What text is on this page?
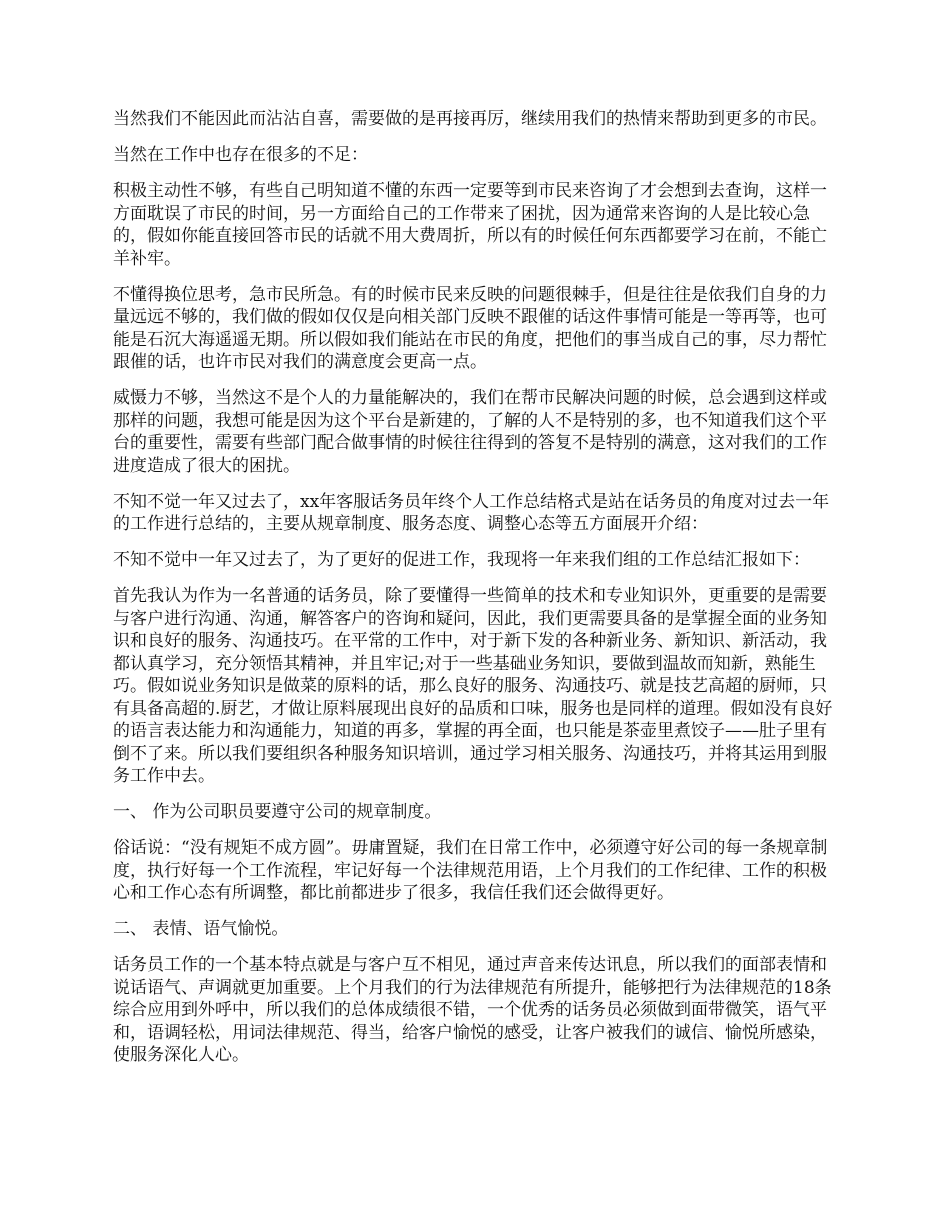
当然我们不能因此而沾沾自喜，需要做的是再接再厉，继续用我们的热情来帮助到更多的市民。

当然在工作中也存在很多的不足：

积极主动性不够，有些自己明知道不懂的东西一定要等到市民来咨询了才会想到去查询，这样一方面耽误了市民的时间，另一方面给自己的工作带来了困扰，因为通常来咨询的人是比较心急的，假如你能直接回答市民的话就不用大费周折，所以有的时候任何东西都要学习在前，不能亡羊补牢。

不懂得换位思考，急市民所急。有的时候市民来反映的问题很棘手，但是往往是依我们自身的力量远远不够的，我们做的假如仅仅是向相关部门反映不跟催的话这件事情可能是一等再等，也可能是石沉大海遥遥无期。所以假如我们能站在市民的角度，把他们的事当成自己的事，尽力帮忙跟催的话，也许市民对我们的满意度会更高一点。

威慑力不够，当然这不是个人的力量能解决的，我们在帮市民解决问题的时候，总会遇到这样或那样的问题，我想可能是因为这个平台是新建的，了解的人不是特别的多，也不知道我们这个平台的重要性，需要有些部门配合做事情的时候往往得到的答复不是特别的满意，这对我们的工作进度造成了很大的困扰。

不知不觉一年又过去了，xx年客服话务员年终个人工作总结格式是站在话务员的角度对过去一年的工作进行总结的，主要从规章制度、服务态度、调整心态等五方面展开介绍：

不知不觉中一年又过去了，为了更好的促进工作，我现将一年来我们组的工作总结汇报如下：

首先我认为作为一名普通的话务员，除了要懂得一些简单的技术和专业知识外，更重要的是需要与客户进行沟通、沟通，解答客户的咨询和疑问，因此，我们更需要具备的是掌握全面的业务知识和良好的服务、沟通技巧。在平常的工作中，对于新下发的各种新业务、新知识、新活动，我都认真学习，充分领悟其精神，并且牢记;对于一些基础业务知识，要做到温故而知新，熟能生巧。假如说业务知识是做菜的原料的话，那么良好的服务、沟通技巧、就是技艺高超的厨师，只有具备高超的.厨艺，才做让原料展现出良好的品质和口味，服务也是同样的道理。假如没有良好的语言表达能力和沟通能力，知道的再多，掌握的再全面，也只能是茶壶里煮饺子——肚子里有倒不了来。所以我们要组织各种服务知识培训，通过学习相关服务、沟通技巧，并将其运用到服务工作中去。

一、 作为公司职员要遵守公司的规章制度。

俗话说：“没有规矩不成方圆”。毋庸置疑，我们在日常工作中，必须遵守好公司的每一条规章制度，执行好每一个工作流程，牢记好每一个法律规范用语，上个月我们的工作纪律、工作的积极心和工作心态有所调整，都比前都进步了很多，我信任我们还会做得更好。

二、 表情、语气愉悦。

话务员工作的一个基本特点就是与客户互不相见，通过声音来传达讯息，所以我们的面部表情和说话语气、声调就更加重要。上个月我们的行为法律规范有所提升，能够把行为法律规范的18条综合应用到外呼中，所以我们的总体成绩很不错，一个优秀的话务员必须做到面带微笑，语气平和，语调轻松，用词法律规范、得当，给客户愉悦的感受，让客户被我们的诚信、愉悦所感染，使服务深化人心。
